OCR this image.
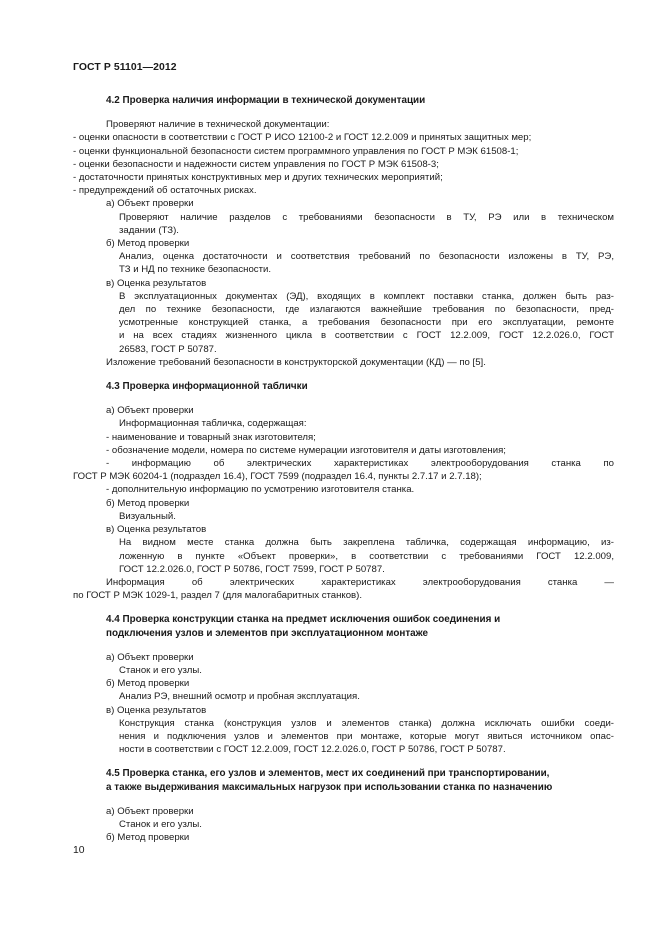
ГОСТ Р 51101—2012
4.2 Проверка наличия информации в технической документации
Проверяют наличие в технической документации:
- оценки опасности в соответствии с ГОСТ Р ИСО 12100-2 и ГОСТ 12.2.009 и принятых защитных мер;
- оценки функциональной безопасности систем программного управления по ГОСТ Р МЭК 61508-1;
- оценки безопасности и надежности систем управления по ГОСТ Р МЭК 61508-3;
- достаточности принятых конструктивных мер и других технических мероприятий;
- предупреждений об остаточных рисках.
а) Объект проверки
Проверяют наличие разделов с требованиями безопасности в ТУ, РЭ или в техническом
задании (ТЗ).
б) Метод проверки
Анализ, оценка достаточности и соответствия требований по безопасности изложены в ТУ, РЭ,
ТЗ и НД по технике безопасности.
в) Оценка результатов
В эксплуатационных документах (ЭД), входящих в комплект поставки станка, должен быть раз-
дел по технике безопасности, где излагаются важнейшие требования по безопасности, пред-
усмотренные конструкцией станка, а требования безопасности при его эксплуатации, ремонте
и на всех стадиях жизненного цикла в соответствии с ГОСТ 12.2.009, ГОСТ 12.2.026.0, ГОСТ
26583, ГОСТ Р 50787.
Изложение требований безопасности в конструкторской документации (КД) — по [5].
4.3 Проверка информационной таблички
а) Объект проверки
Информационная табличка, содержащая:
- наименование и товарный знак изготовителя;
- обозначение модели, номера по системе нумерации изготовителя и даты изготовления;
- информацию об электрических характеристиках электрооборудования станка по
ГОСТ Р МЭК 60204-1 (подраздел 16.4), ГОСТ 7599 (подраздел 16.4, пункты 2.7.17 и 2.7.18);
- дополнительную информацию по усмотрению изготовителя станка.
б) Метод проверки
Визуальный.
в) Оценка результатов
На видном месте станка должна быть закреплена табличка, содержащая информацию, из-
ложенную в пункте «Объект проверки», в соответствии с требованиями ГОСТ 12.2.009,
ГОСТ 12.2.026.0, ГОСТ Р 50786, ГОСТ 7599, ГОСТ Р 50787.
Информация об электрических характеристиках электрооборудования станка —
по ГОСТ Р МЭК 1029-1, раздел 7 (для малогабаритных станков).
4.4 Проверка конструкции станка на предмет исключения ошибок соединения и
подключения узлов и элементов при эксплуатационном монтаже
а) Объект проверки
Станок и его узлы.
б) Метод проверки
Анализ РЭ, внешний осмотр и пробная эксплуатация.
в) Оценка результатов
Конструкция станка (конструкция узлов и элементов станка) должна исключать ошибки соеди-
нения и подключения узлов и элементов при монтаже, которые могут явиться источником опас-
ности в соответствии с ГОСТ 12.2.009, ГОСТ 12.2.026.0, ГОСТ Р 50786, ГОСТ Р 50787.
4.5 Проверка станка, его узлов и элементов, мест их соединений при транспортировании,
а также выдерживания максимальных нагрузок при использовании станка по назначению
а) Объект проверки
Станок и его узлы.
б) Метод проверки
10
